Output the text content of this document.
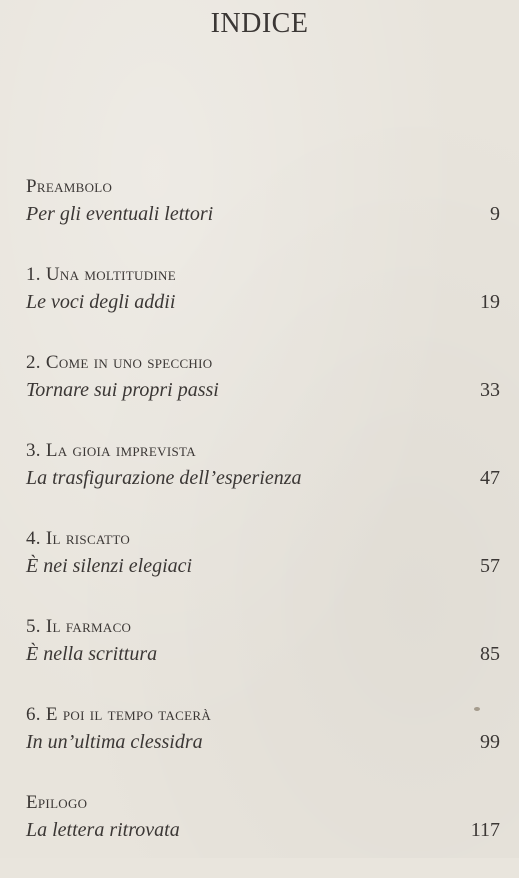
INDICE
Preambolo
Per gli eventuali lettori	9
1. Una moltitudine
Le voci degli addii	19
2. Come in uno specchio
Tornare sui propri passi	33
3. La gioia imprevista
La trasfigurazione dell’esperienza	47
4. Il riscatto
È nei silenzi elegiaci	57
5. Il farmaco
È nella scrittura	85
6. E poi il tempo tacerà
In un’ultima clessidra	99
Epilogo
La lettera ritrovata	117
